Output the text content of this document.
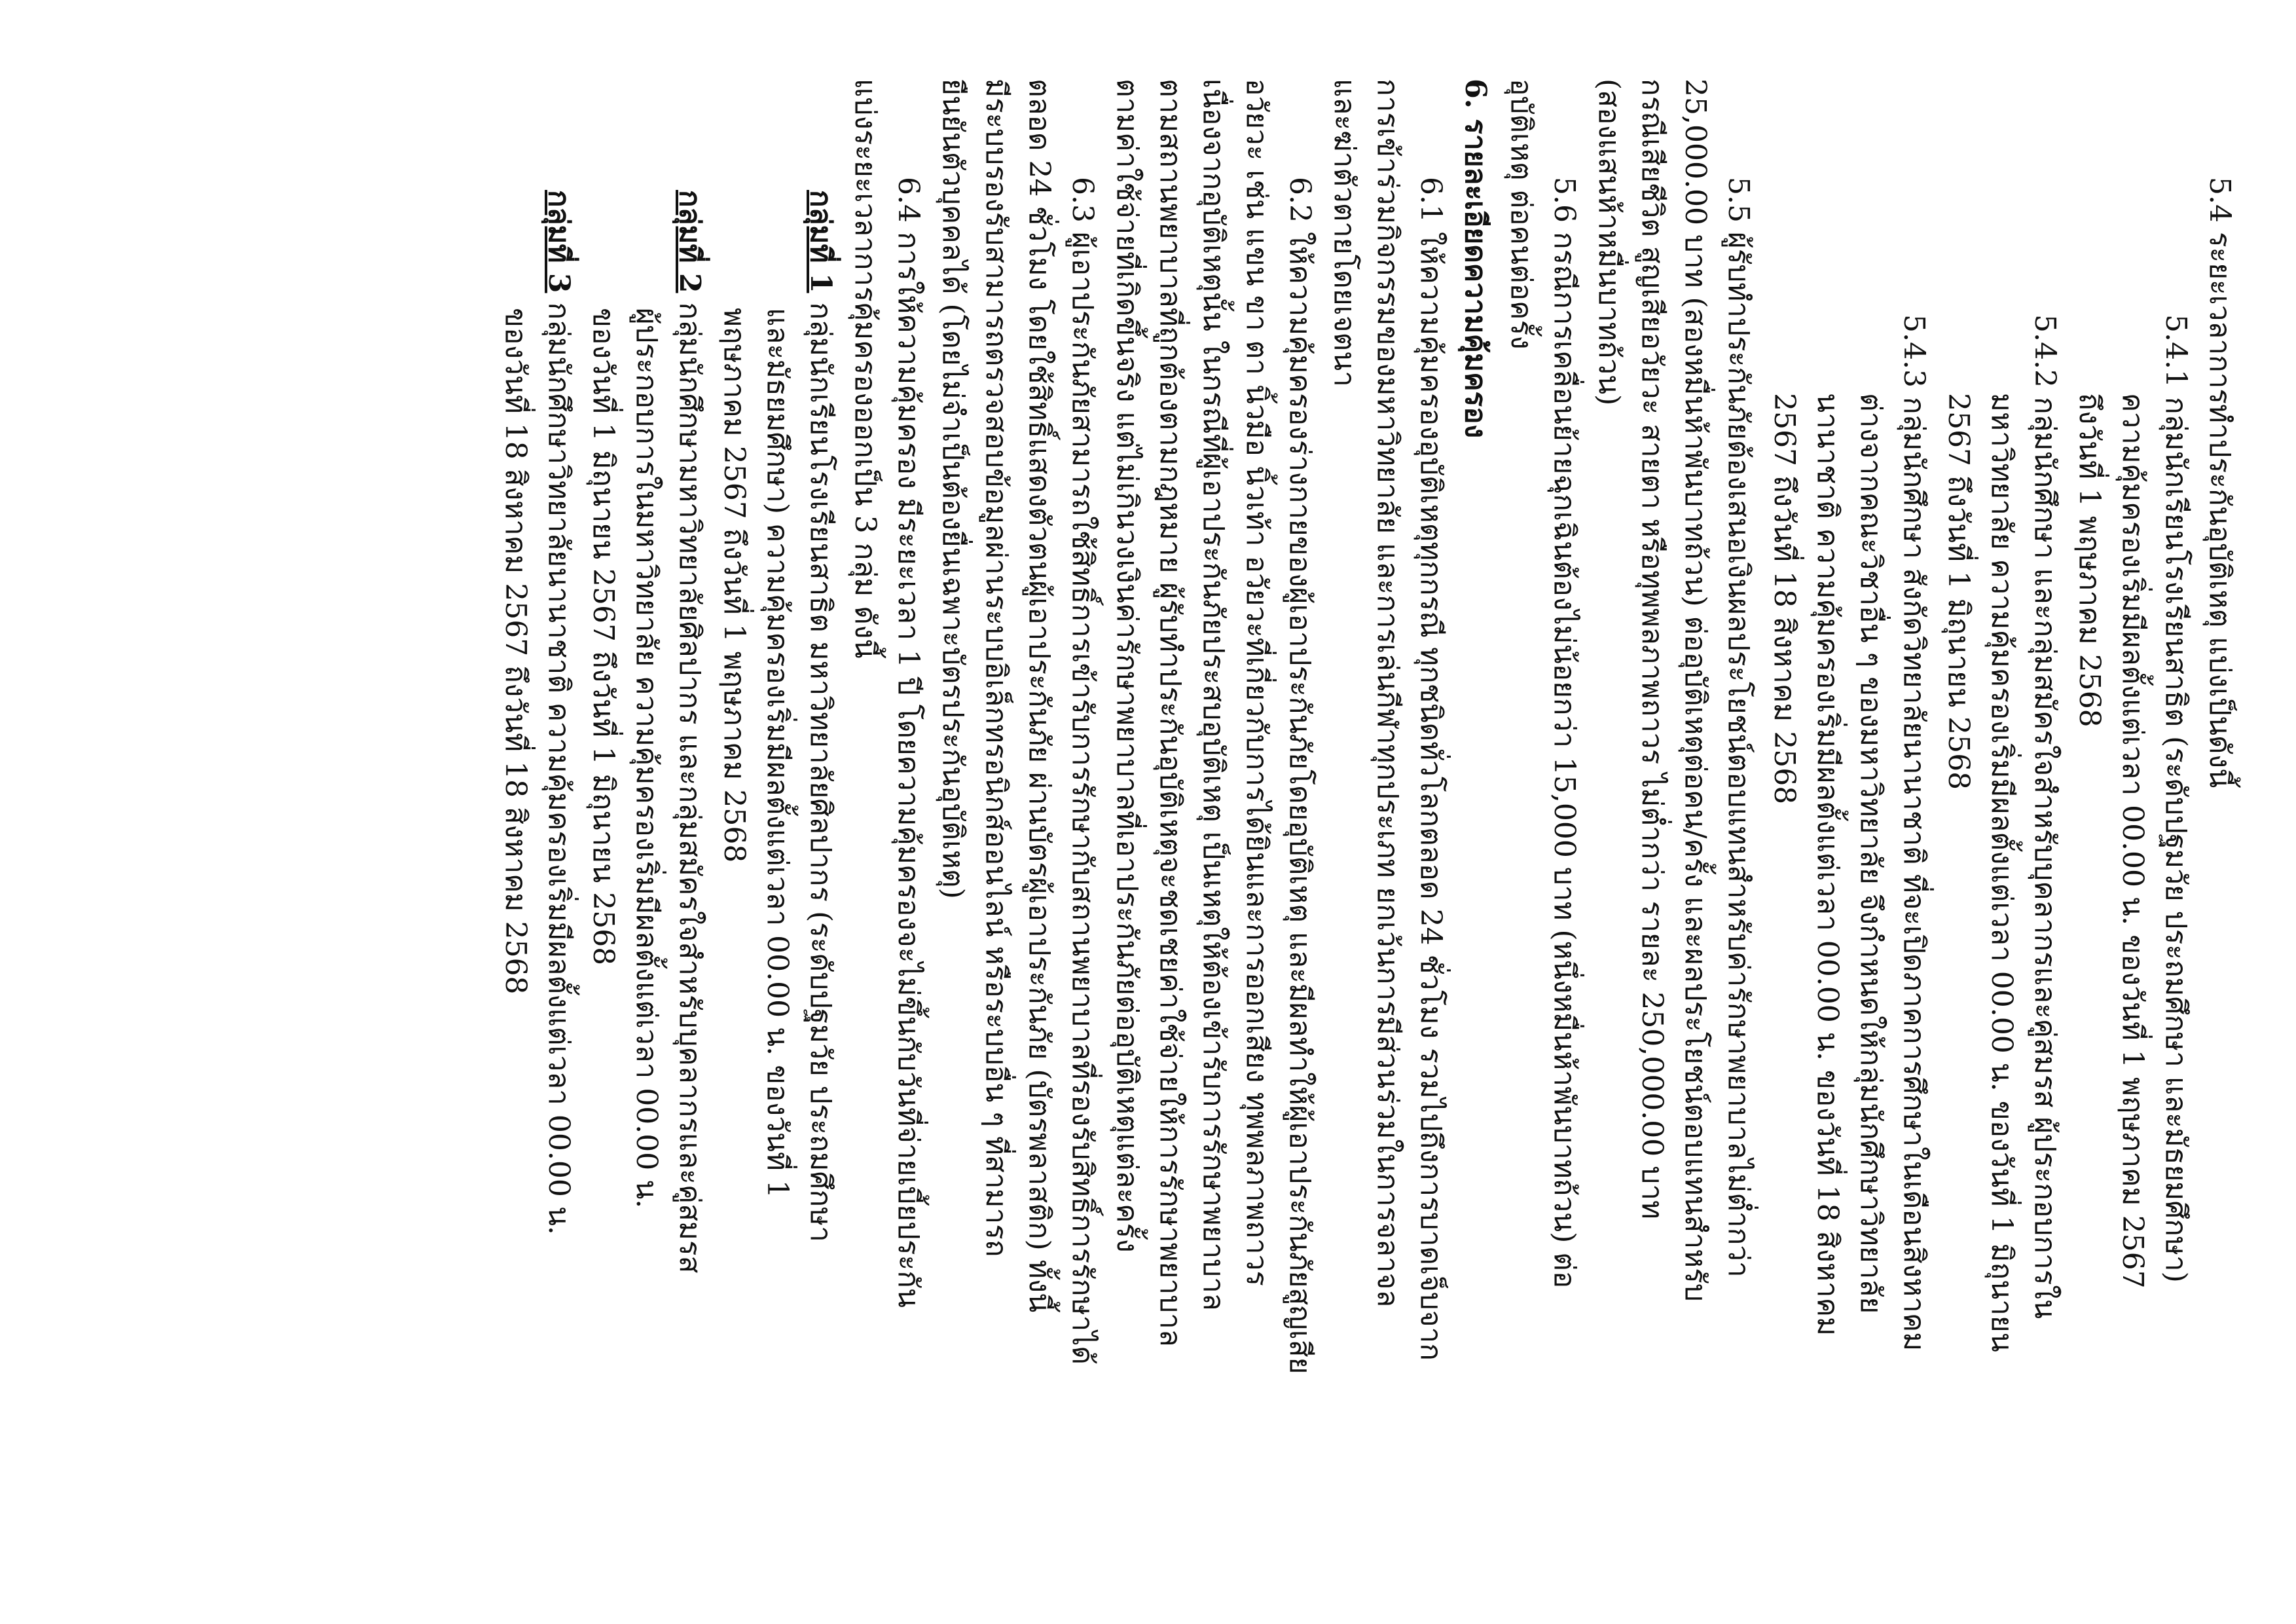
5.4 ระยะเวลาการทำประกันอุบัติเหตุ แบ่งเป็นดังนี้
5.4.1 กลุ่มนักเรียนโรงเรียนสาธิต (ระดับปฐมวัย ประถมศึกษา และมัธยมศึกษา)
ความคุ้มครองเริ่มมีผลตั้งแต่เวลา 00.00 น. ของวันที่ 1 พฤษภาคม 2567
ถึงวันที่ 1 พฤษภาคม 2568
5.4.2 กลุ่มนักศึกษา และกลุ่มสมัครใจสำหรับบุคลากรและคู่สมรส ผู้ประกอบการใน
มหาวิทยาลัย ความคุ้มครองเริ่มมีผลตั้งแต่เวลา 00.00 น. ของวันที่ 1 มิถุนายน
2567 ถึงวันที่ 1 มิถุนายน 2568
5.4.3 กลุ่มนักศึกษา สังกัดวิทยาลัยนานาชาติ ที่จะเปิดภาคการศึกษาในเดือนสิงหาคม
ต่างจากคณะวิชาอื่น ๆ ของมหาวิทยาลัย จึงกำหนดให้กลุ่มนักศึกษาวิทยาลัย
นานาชาติ ความคุ้มครองเริ่มมีผลตั้งแต่เวลา 00.00 น. ของวันที่ 18 สิงหาคม
2567 ถึงวันที่ 18 สิงหาคม 2568
5.5 ผู้รับทำประกันภัยต้องเสนอเงินผลประโยชน์ตอบแทนสำหรับค่ารักษาพยาบาลไม่ต่ำกว่า
25,000.00 บาท (สองหมื่นห้าพันบาทถ้วน) ต่ออุบัติเหตุต่อคน/ครั้ง และผลประโยชน์ตอบแทนสำหรับ
กรณีเสียชีวิต สูญเสียอวัยวะ สายตา หรือทุพพลภาพถาวร ไม่ต่ำกว่า รายละ 250,000.00 บาท
(สองแสนห้าหมื่นบาทถ้วน)
5.6 กรณีการเคลื่อนย้ายฉุกเฉินต้องไม่น้อยกว่า 15,000 บาท (หนึ่งหมื่นห้าพันบาทถ้วน) ต่อ
อุบัติเหตุ ต่อคนต่อครั้ง
6. รายละเอียดความคุ้มครอง
6.1 ให้ความคุ้มครองอุบัติเหตุทุกกรณี ทุกชนิดทั่วโลกตลอด 24 ชั่วโมง รวมไปถึงการบาดเจ็บจาก
การเข้าร่วมกิจกรรมของมหาวิทยาลัย และการเล่นกีฬาทุกประเภท ยกเว้นการมีส่วนร่วมในการจลาจล
และฆ่าตัวตายโดยเจตนา
6.2 ให้ความคุ้มครองร่างกายของผู้เอาประกันภัยโดยอุบัติเหตุ และมีผลทำให้ผู้เอาประกันภัยสูญเสีย
อวัยวะ เช่น แขน ขา ตา นิ้วมือ นิ้วเท้า อวัยวะที่เกี่ยวกับการได้ยินและการออกเสียง ทุพพลภาพถาวร
เนื่องจากอุบัติเหตุนั้น ในกรณีที่ผู้เอาประกันภัยประสบอุบัติเหตุ เป็นเหตุให้ต้องเข้ารับการรักษาพยาบาล
ตามสถานพยาบาลที่ถูกต้องตามกฎหมาย ผู้รับทำประกันอุบัติเหตุจะชดเชยค่าใช้จ่ายให้การรักษาพยาบาล
ตามค่าใช้จ่ายที่เกิดขึ้นจริง แต่ไม่เกินวงเงินค่ารักษาพยาบาลที่เอาประกันภัยต่ออุบัติเหตุแต่ละครั้ง
6.3 ผู้เอาประกันภัยสามารถใช้สิทธิ์การเข้ารับการรักษากับสถานพยาบาลที่รองรับสิทธิ์การรักษาได้
ตลอด 24 ชั่วโมง โดยใช้สิทธิ์แสดงตัวตนผู้เอาประกันภัย ผ่านบัตรผู้เอาประกันภัย (บัตรพลาสติก) ทั้งนี้
มีระบบรองรับสามารถตรวจสอบข้อมูลผ่านระบบอิเล็กทรอนิกส์ออนไลน์ หรือระบบอื่น ๆ ที่สามารถ
ยืนยันตัวบุคคลได้ (โดยไม่จำเป็นต้องยื่นเฉพาะบัตรประกันอุบัติเหตุ)
6.4 การให้ความคุ้มครอง มีระยะเวลา 1 ปี โดยความคุ้มครองจะไม่ขึ้นกับวันที่จ่ายเบี้ยประกัน
แบ่งระยะเวลาการคุ้มครองออกเป็น 3 กลุ่ม ดังนี้
กลุ่มที่ 1 กลุ่มนักเรียนโรงเรียนสาธิต มหาวิทยาลัยศิลปากร (ระดับปฐมวัย ประถมศึกษา
และมัธยมศึกษา) ความคุ้มครองเริ่มมีผลตั้งแต่เวลา 00.00 น. ของวันที่ 1
พฤษภาคม 2567 ถึงวันที่ 1 พฤษภาคม 2568
กลุ่มที่ 2 กลุ่มนักศึกษามหาวิทยาลัยศิลปากร และกลุ่มสมัครใจสำหรับบุคลากรและคู่สมรส
ผู้ประกอบการในมหาวิทยาลัย ความคุ้มครองเริ่มมีผลตั้งแต่เวลา 00.00 น.
ของวันที่ 1 มิถุนายน 2567 ถึงวันที่ 1 มิถุนายน 2568
กลุ่มที่ 3 กลุ่มนักศึกษาวิทยาลัยนานาชาติ ความคุ้มครองเริ่มมีผลตั้งแต่เวลา 00.00 น.
ของวันที่ 18 สิงหาคม 2567 ถึงวันที่ 18 สิงหาคม 2568
